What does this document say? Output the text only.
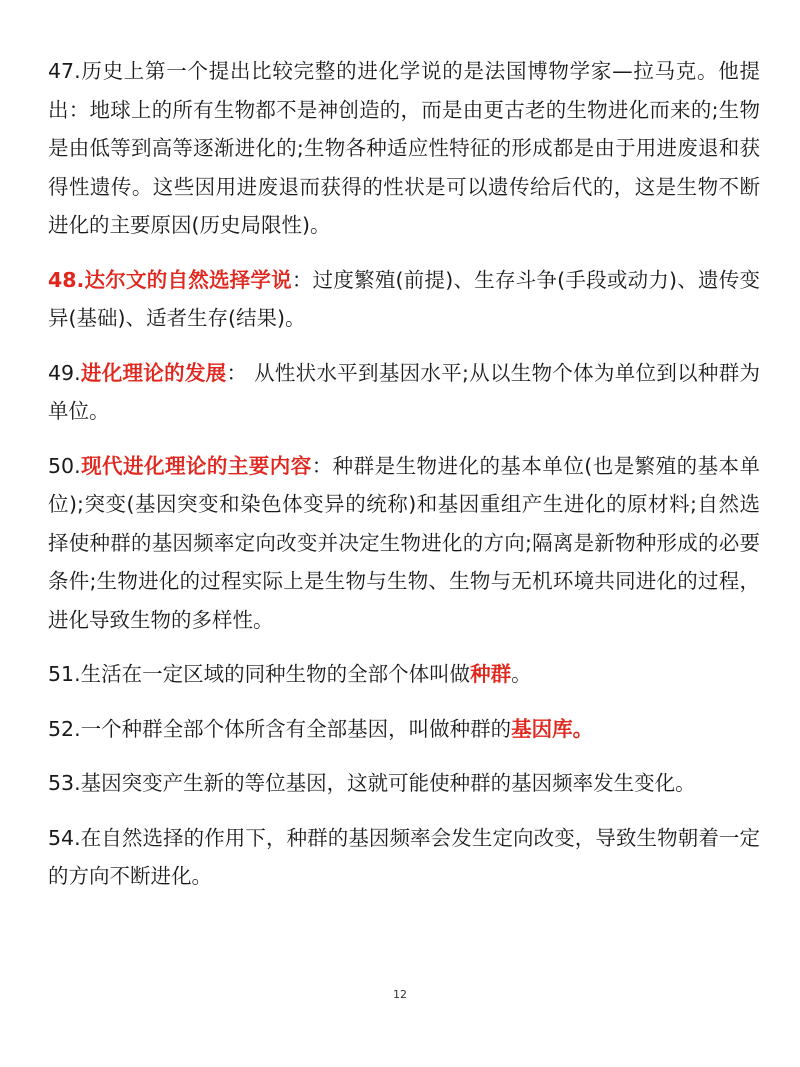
47.历史上第一个提出比较完整的进化学说的是法国博物学家—拉马克。他提出：地球上的所有生物都不是神创造的，而是由更古老的生物进化而来的;生物是由低等到高等逐渐进化的;生物各种适应性特征的形成都是由于用进废退和获得性遗传。这些因用进废退而获得的性状是可以遗传给后代的，这是生物不断进化的主要原因(历史局限性)。

48.达尔文的自然选择学说：过度繁殖(前提)、生存斗争(手段或动力)、遗传变异(基础)、适者生存(结果)。

49.进化理论的发展： 从性状水平到基因水平;从以生物个体为单位到以种群为单位。

50.现代进化理论的主要内容：种群是生物进化的基本单位(也是繁殖的基本单位);突变(基因突变和染色体变异的统称)和基因重组产生进化的原材料;自然选择使种群的基因频率定向改变并决定生物进化的方向;隔离是新物种形成的必要条件;生物进化的过程实际上是生物与生物、生物与无机环境共同进化的过程，进化导致生物的多样性。

51.生活在一定区域的同种生物的全部个体叫做种群。

52.一个种群全部个体所含有全部基因，叫做种群的基因库。

53.基因突变产生新的等位基因，这就可能使种群的基因频率发生变化。

54.在自然选择的作用下，种群的基因频率会发生定向改变，导致生物朝着一定的方向不断进化。

12
